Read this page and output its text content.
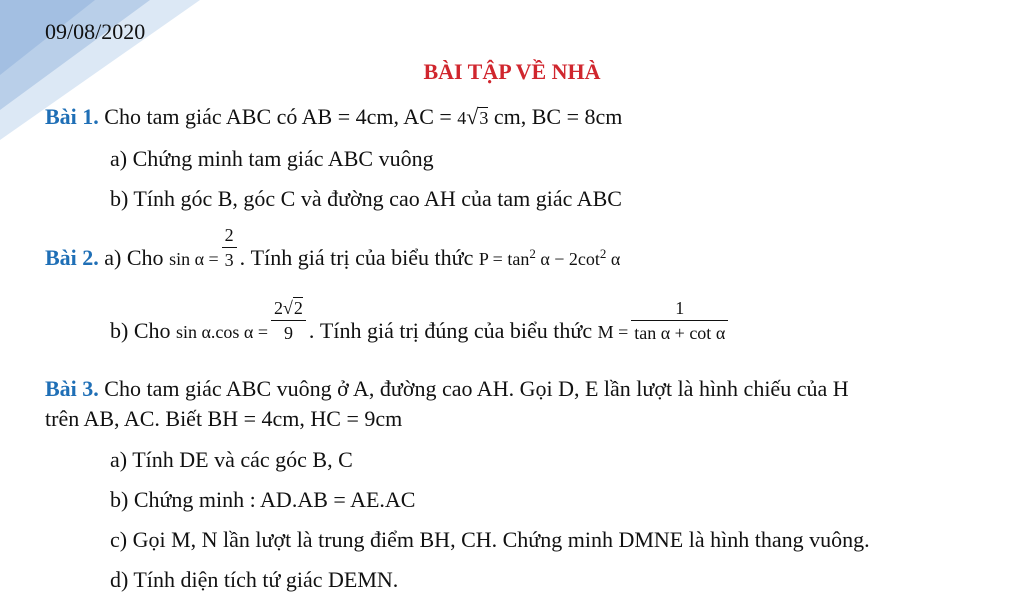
09/08/2020
BÀI TẬP VỀ NHÀ
Bài 1. Cho tam giác ABC có AB = 4cm, AC = 4√3 cm, BC = 8cm
a) Chứng minh tam giác ABC vuông
b) Tính góc B, góc C và đường cao AH của tam giác ABC
Bài 2. a) Cho $\sin \alpha = \frac{2}{3}$ . Tính giá trị của biểu thức $P = \tan^2 \alpha - 2\cot^2$ α
b) Cho sin α.cos $\alpha = \frac{2√2}{9}$ . Tính giá trị đúng của biểu thức $M = \frac{1}{\text{tan α + cot α}}$
Bài 3. Cho tam giác ABC vuông ở A, đường cao AH. Gọi D, E lần lượt là hình chiếu của H
trên AB, AC. Biết BH = 4cm, HC = 9cm
a) Tính DE và các góc B, C
b) Chứng minh : AD.AB = AE.AC
c) Gọi M, N lần lượt là trung điểm BH, CH. Chứng minh DMNE là hình thang vuông.
d) Tính diện tích tứ giác DEMN.
